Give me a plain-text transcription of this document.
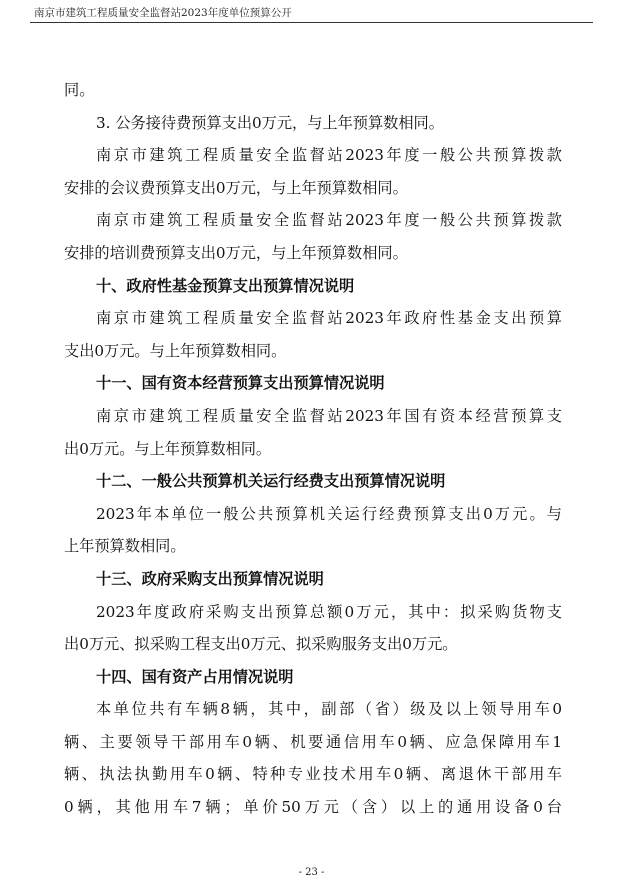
南京市建筑工程质量安全监督站2023年度单位预算公开
同。
3. 公务接待费预算支出0万元，与上年预算数相同。
南京市建筑工程质量安全监督站2023年度一般公共预算拨款
安排的会议费预算支出0万元，与上年预算数相同。
南京市建筑工程质量安全监督站2023年度一般公共预算拨款
安排的培训费预算支出0万元，与上年预算数相同。
十、政府性基金预算支出预算情况说明
南京市建筑工程质量安全监督站2023年政府性基金支出预算
支出0万元。与上年预算数相同。
十一、国有资本经营预算支出预算情况说明
南京市建筑工程质量安全监督站2023年国有资本经营预算支
出0万元。与上年预算数相同。
十二、一般公共预算机关运行经费支出预算情况说明
2023年本单位一般公共预算机关运行经费预算支出0万元。与
上年预算数相同。
十三、政府采购支出预算情况说明
2023年度政府采购支出预算总额0万元，其中：拟采购货物支
出0万元、拟采购工程支出0万元、拟采购服务支出0万元。
十四、国有资产占用情况说明
本单位共有车辆8辆，其中，副部（省）级及以上领导用车0
辆、主要领导干部用车0辆、机要通信用车0辆、应急保障用车1
辆、执法执勤用车0辆、特种专业技术用车0辆、离退休干部用车
0辆，其他用车7辆；单价50万元（含）以上的通用设备0台
- 23 -
